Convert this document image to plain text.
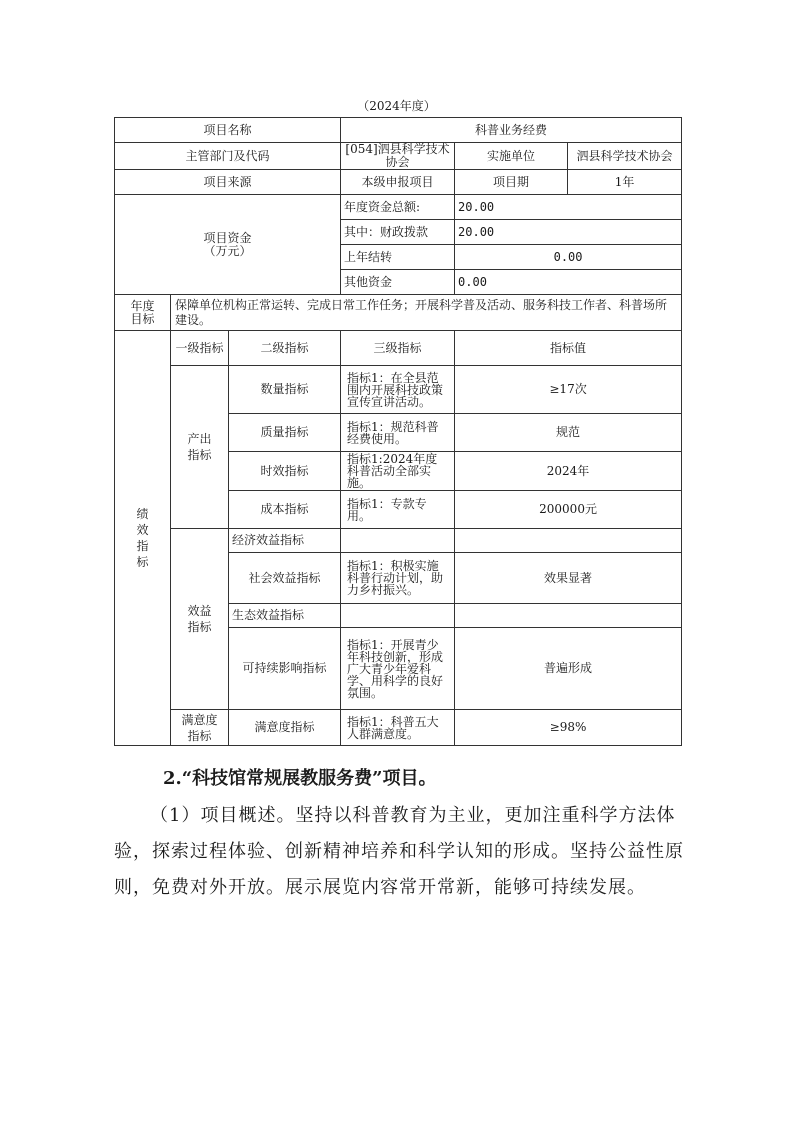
（2024年度）
项目名称			科普业务经费		
主管部门及代码			[054]泗县科学技术协会	实施单位	泗县科学技术协会
项目来源			本级申报项目	项目期	1年
项目资金
（万元）			年度资金总额:	20.00	
			其中：财政拨款	20.00	
			上年结转	0.00	
			其他资金	0.00	
年度
目标	保障单位机构正常运转、完成日常工作任务；开展科学普及活动、服务科技工作者、科普场所建设。				
绩效指标	一级指标	二级指标	三级指标	指标值	
	产出指标	数量指标	指标1：在全县范围内开展科技政策宣传宣讲活动。	≥17次	
		质量指标	指标1：规范科普经费使用。	规范	
		时效指标	指标1:2024年度科普活动全部实施。	2024年	
		成本指标	指标1：专款专用。	200000元	
	效益指标	经济效益指标			
		社会效益指标	指标1：积极实施科普行动计划，助力乡村振兴。	效果显著	
		生态效益指标			
		可持续影响指标	指标1：开展青少年科技创新，形成广大青少年爱科学、用科学的良好氛围。	普遍形成	
	满意度指标	满意度指标	指标1：科普五大人群满意度。	≥98%	
2.“科技馆常规展教服务费”项目。
（1）项目概述。坚持以科普教育为主业，更加注重科学方法体验，探索过程体验、创新精神培养和科学认知的形成。坚持公益性原则，免费对外开放。展示展览内容常开常新，能够可持续发展。
